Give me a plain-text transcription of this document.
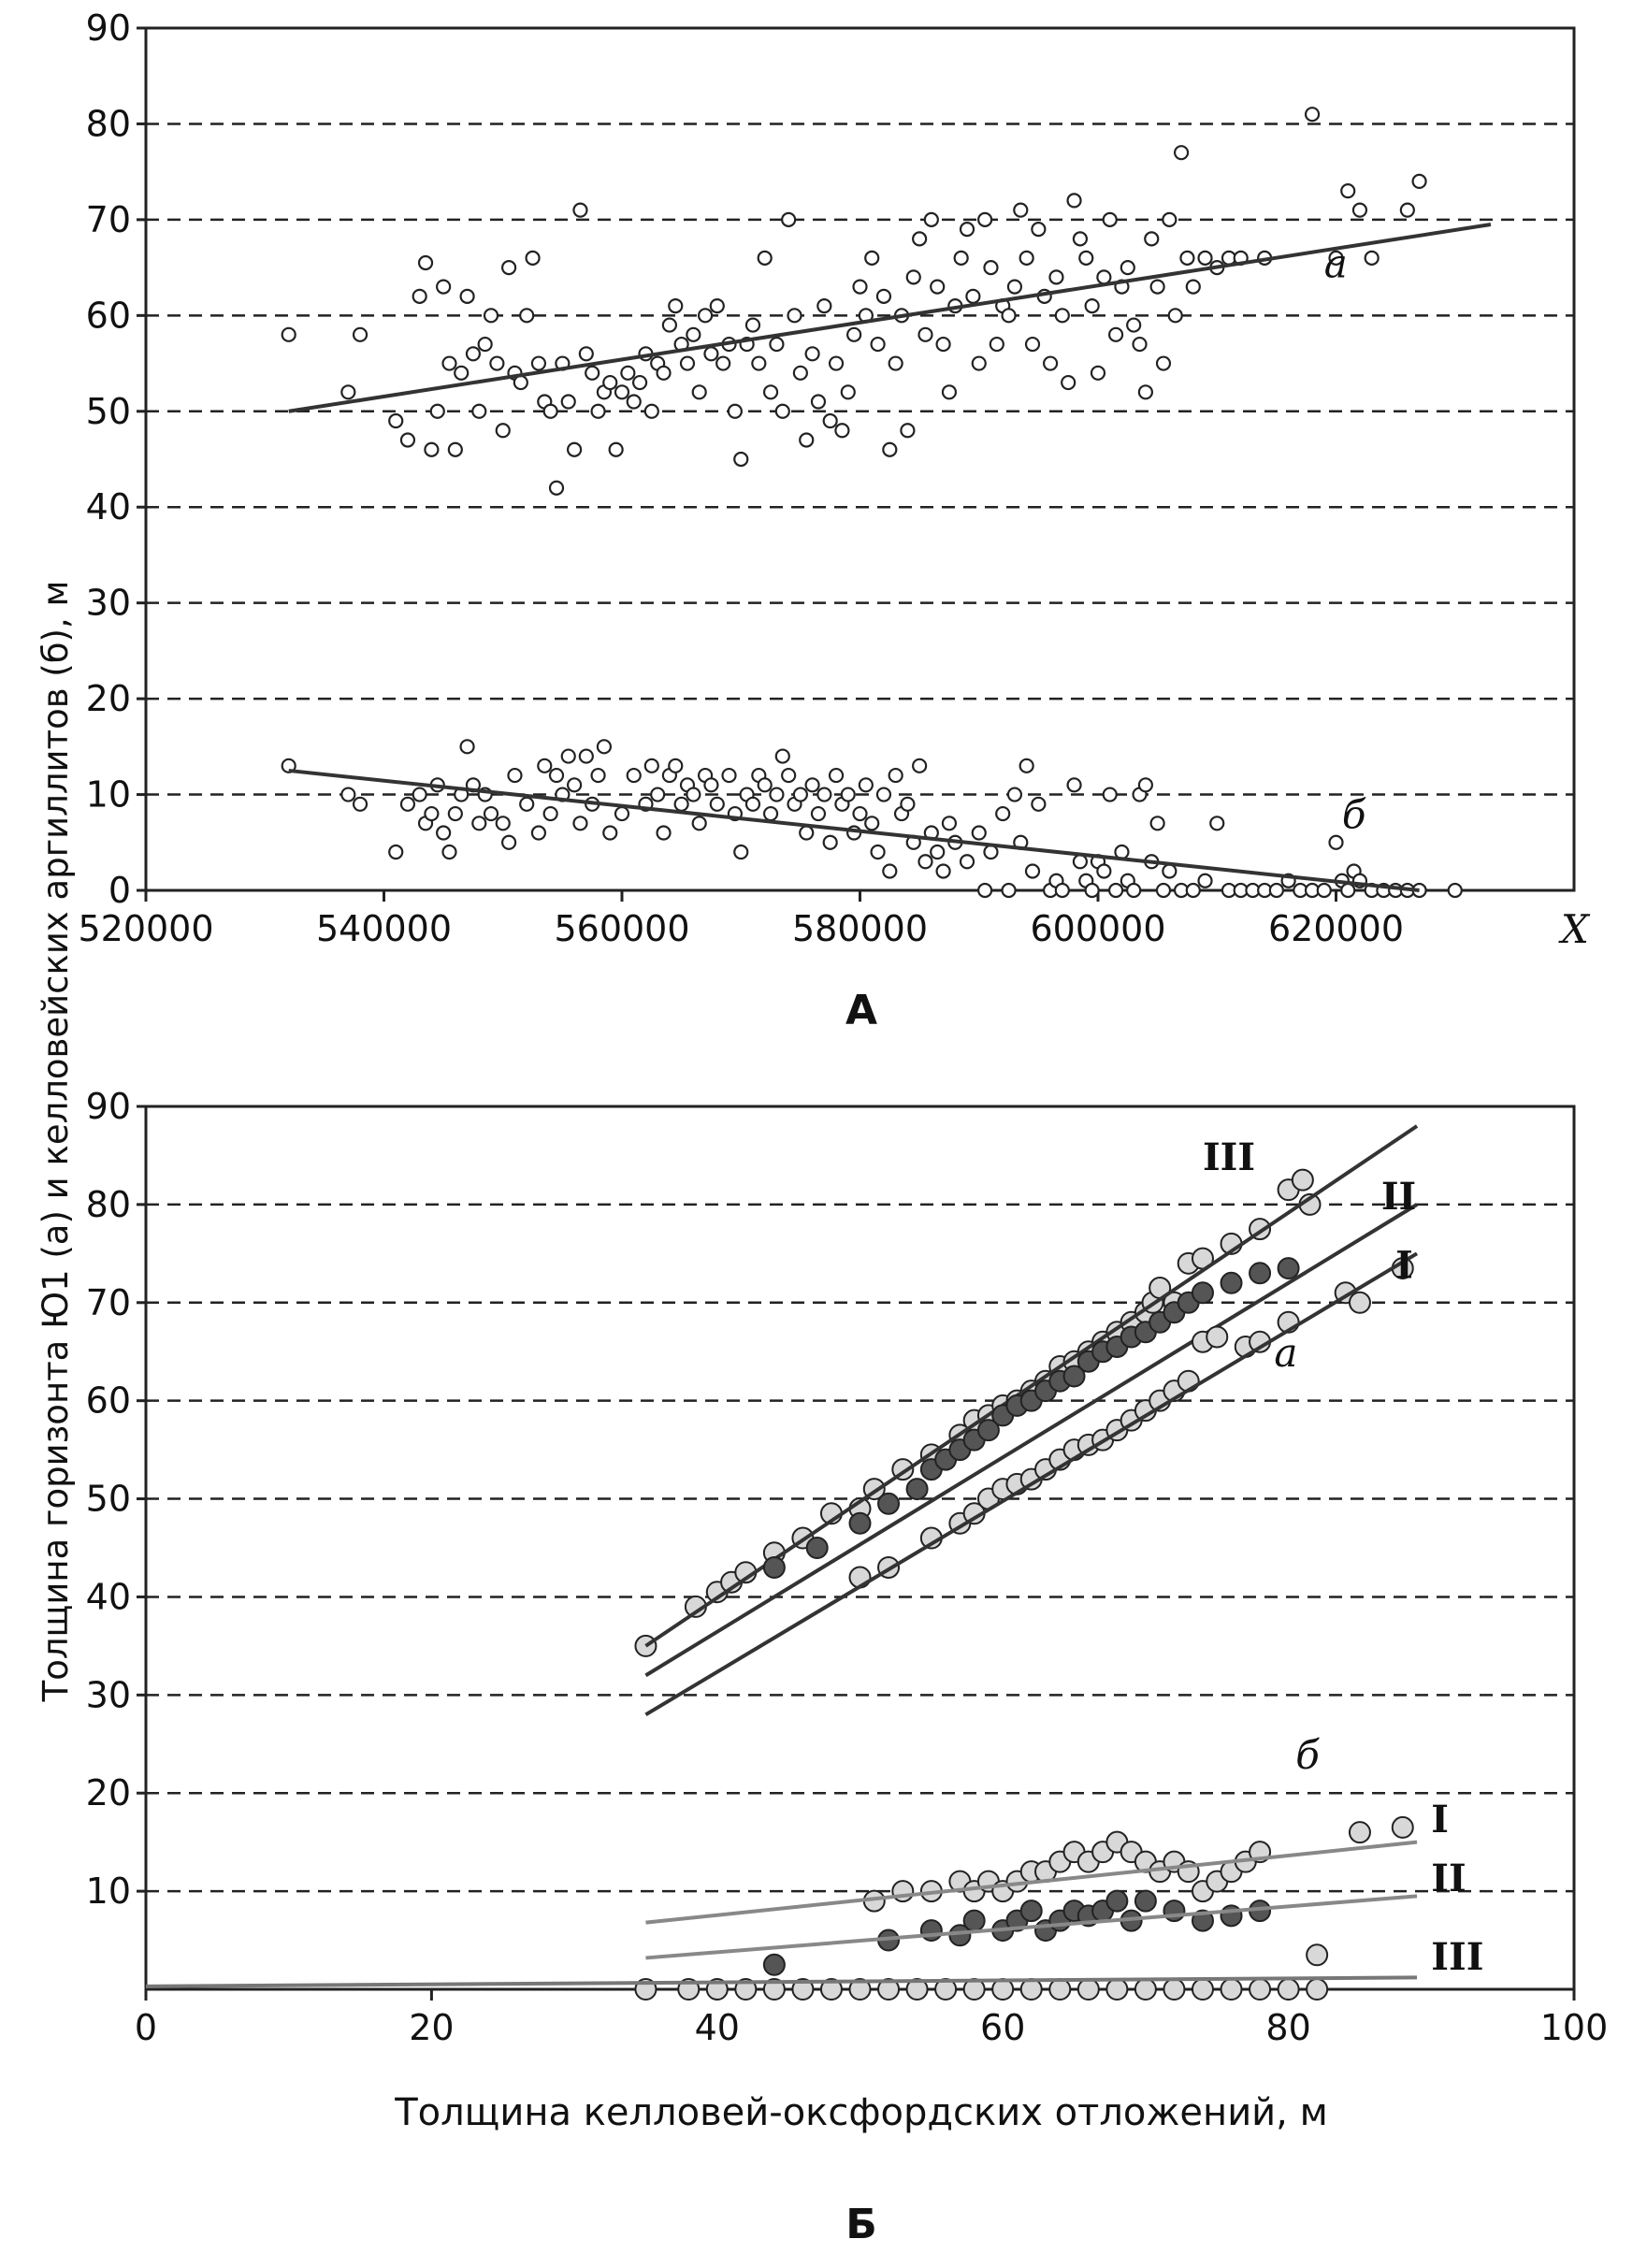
0
10
20
30
40
50
60
70
80
90
520000	540000	560000	580000	600000	620000
а
б
X
10
20
30
40
50
60
70
80
90
0	20	40	60	80	100
а
б
III
II
I
I
II
III
Толщина горизонта Ю1 (а) и келловейских аргиллитов (б), м	А
Толщина келловей-оксфордских отложений, м
Б
